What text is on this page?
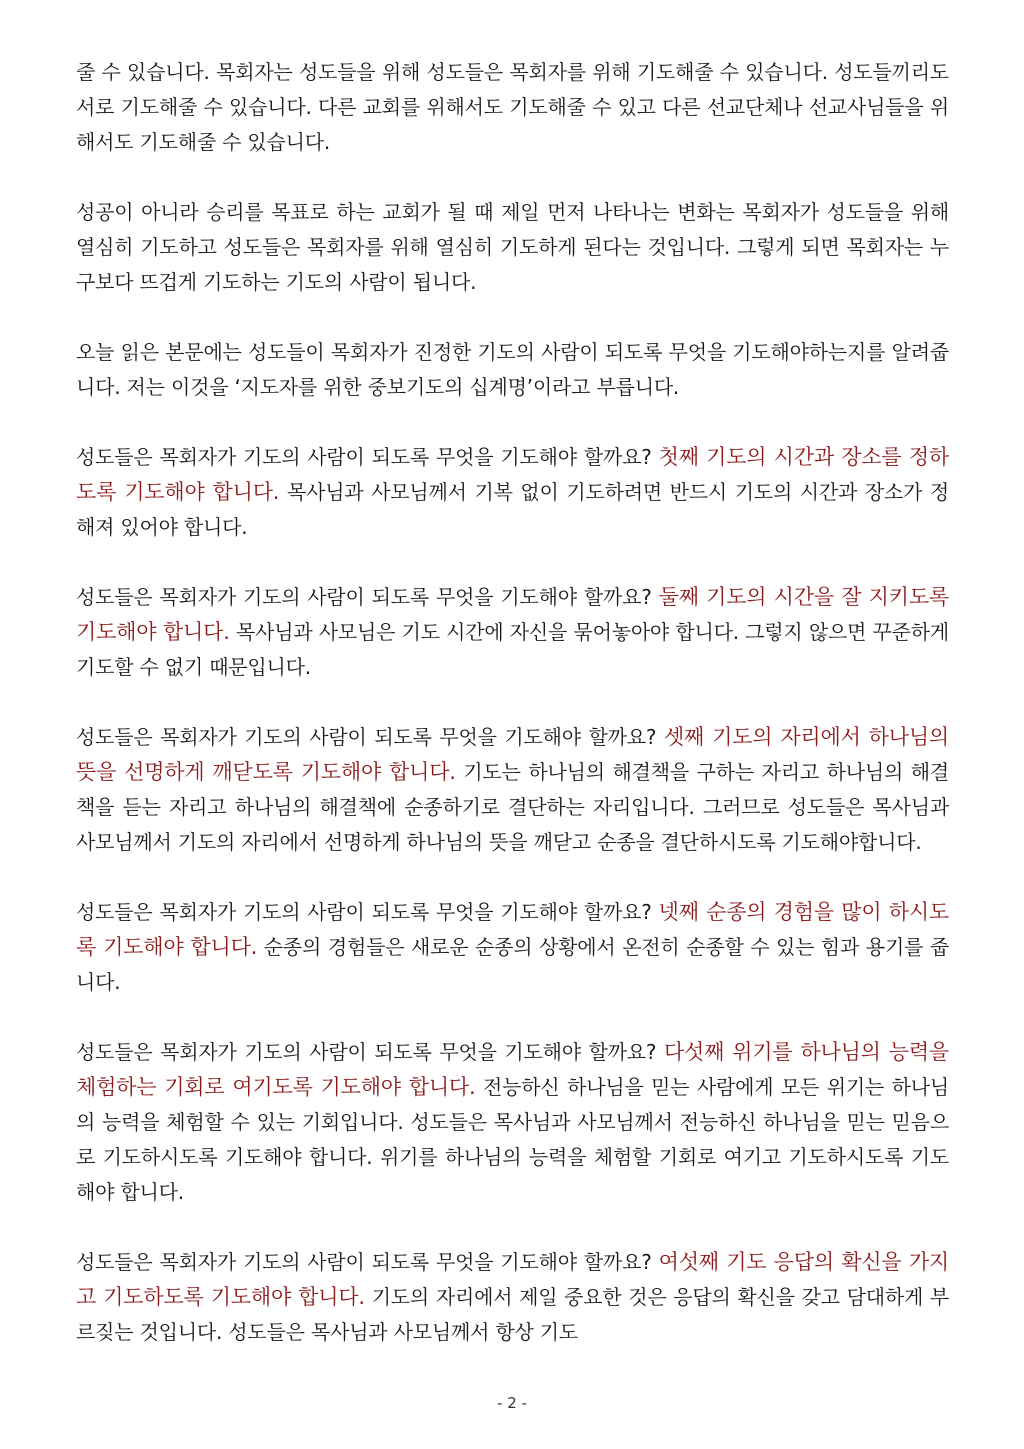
줄 수 있습니다. 목회자는 성도들을 위해 성도들은 목회자를 위해 기도해줄 수 있습니다. 성도들끼리도 서로 기도해줄 수 있습니다. 다른 교회를 위해서도 기도해줄 수 있고 다른 선교단체나 선교사님들을 위해서도 기도해줄 수 있습니다.

성공이 아니라 승리를 목표로 하는 교회가 될 때 제일 먼저 나타나는 변화는 목회자가 성도들을 위해 열심히 기도하고 성도들은 목회자를 위해 열심히 기도하게 된다는 것입니다. 그렇게 되면 목회자는 누구보다 뜨겁게 기도하는 기도의 사람이 됩니다.

오늘 읽은 본문에는 성도들이 목회자가 진정한 기도의 사람이 되도록 무엇을 기도해야하는지를 알려줍니다. 저는 이것을 ‘지도자를 위한 중보기도의 십계명’이라고 부릅니다.

성도들은 목회자가 기도의 사람이 되도록 무엇을 기도해야 할까요? 첫째 기도의 시간과 장소를 정하도록 기도해야 합니다. 목사님과 사모님께서 기복 없이 기도하려면 반드시 기도의 시간과 장소가 정해져 있어야 합니다.

성도들은 목회자가 기도의 사람이 되도록 무엇을 기도해야 할까요? 둘째 기도의 시간을 잘 지키도록 기도해야 합니다. 목사님과 사모님은 기도 시간에 자신을 묶어놓아야 합니다. 그렇지 않으면 꾸준하게 기도할 수 없기 때문입니다.

성도들은 목회자가 기도의 사람이 되도록 무엇을 기도해야 할까요? 셋째 기도의 자리에서 하나님의 뜻을 선명하게 깨닫도록 기도해야 합니다. 기도는 하나님의 해결책을 구하는 자리고 하나님의 해결책을 듣는 자리고 하나님의 해결책에 순종하기로 결단하는 자리입니다. 그러므로 성도들은 목사님과 사모님께서 기도의 자리에서 선명하게 하나님의 뜻을 깨닫고 순종을 결단하시도록 기도해야합니다.

성도들은 목회자가 기도의 사람이 되도록 무엇을 기도해야 할까요? 넷째 순종의 경험을 많이 하시도록 기도해야 합니다. 순종의 경험들은 새로운 순종의 상황에서 온전히 순종할 수 있는 힘과 용기를 줍니다.

성도들은 목회자가 기도의 사람이 되도록 무엇을 기도해야 할까요? 다섯째 위기를 하나님의 능력을 체험하는 기회로 여기도록 기도해야 합니다. 전능하신 하나님을 믿는 사람에게 모든 위기는 하나님의 능력을 체험할 수 있는 기회입니다. 성도들은 목사님과 사모님께서 전능하신 하나님을 믿는 믿음으로 기도하시도록 기도해야 합니다. 위기를 하나님의 능력을 체험할 기회로 여기고 기도하시도록 기도해야 합니다.

성도들은 목회자가 기도의 사람이 되도록 무엇을 기도해야 할까요? 여섯째 기도 응답의 확신을 가지고 기도하도록 기도해야 합니다. 기도의 자리에서 제일 중요한 것은 응답의 확신을 갖고 담대하게 부르짖는 것입니다. 성도들은 목사님과 사모님께서 항상 기도

- 2 -
